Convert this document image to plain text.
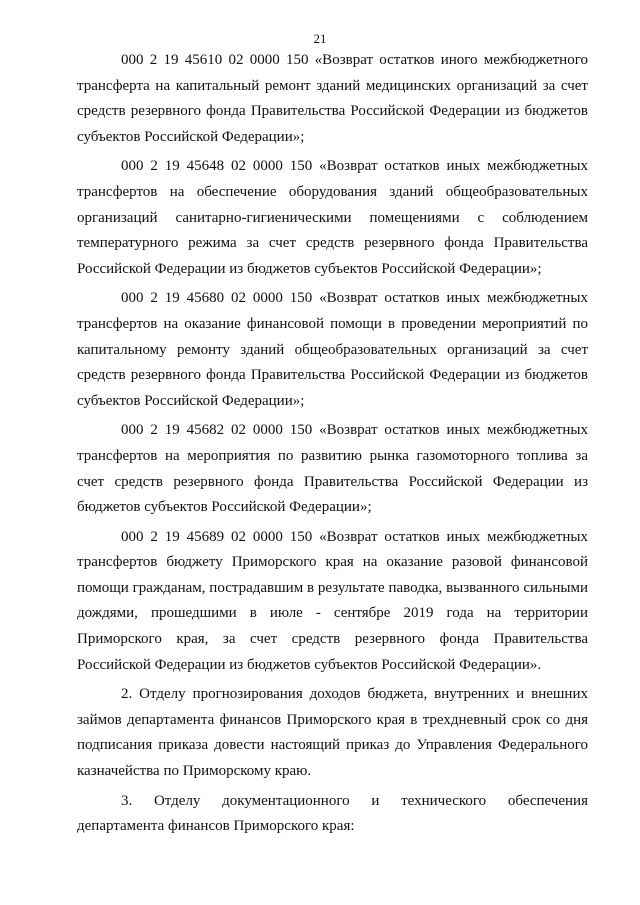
21

000 2 19 45610 02 0000 150 «Возврат остатков иного межбюджетного трансферта на капитальный ремонт зданий медицинских организаций за счет средств резервного фонда Правительства Российской Федерации из бюджетов субъектов Российской Федерации»;

000 2 19 45648 02 0000 150 «Возврат остатков иных межбюджетных трансфертов на обеспечение оборудования зданий общеобразовательных организаций санитарно-гигиеническими помещениями с соблюдением температурного режима за счет средств резервного фонда Правительства Российской Федерации из бюджетов субъектов Российской Федерации»;

000 2 19 45680 02 0000 150 «Возврат остатков иных межбюджетных трансфертов на оказание финансовой помощи в проведении мероприятий по капитальному ремонту зданий общеобразовательных организаций за счет средств резервного фонда Правительства Российской Федерации из бюджетов субъектов Российской Федерации»;

000 2 19 45682 02 0000 150 «Возврат остатков иных межбюджетных трансфертов на мероприятия по развитию рынка газомоторного топлива за счет средств резервного фонда Правительства Российской Федерации из бюджетов субъектов Российской Федерации»;

000 2 19 45689 02 0000 150 «Возврат остатков иных межбюджетных трансфертов бюджету Приморского края на оказание разовой финансовой помощи гражданам, пострадавшим в результате паводка, вызванного сильными дождями, прошедшими в июле - сентябре 2019 года на территории Приморского края, за счет средств резервного фонда Правительства Российской Федерации из бюджетов субъектов Российской Федерации».

2. Отделу прогнозирования доходов бюджета, внутренних и внешних займов департамента финансов Приморского края в трехдневный срок со дня подписания приказа довести настоящий приказ до Управления Федерального казначейства по Приморскому краю.

3. Отделу документационного и технического обеспечения департамента финансов Приморского края:
